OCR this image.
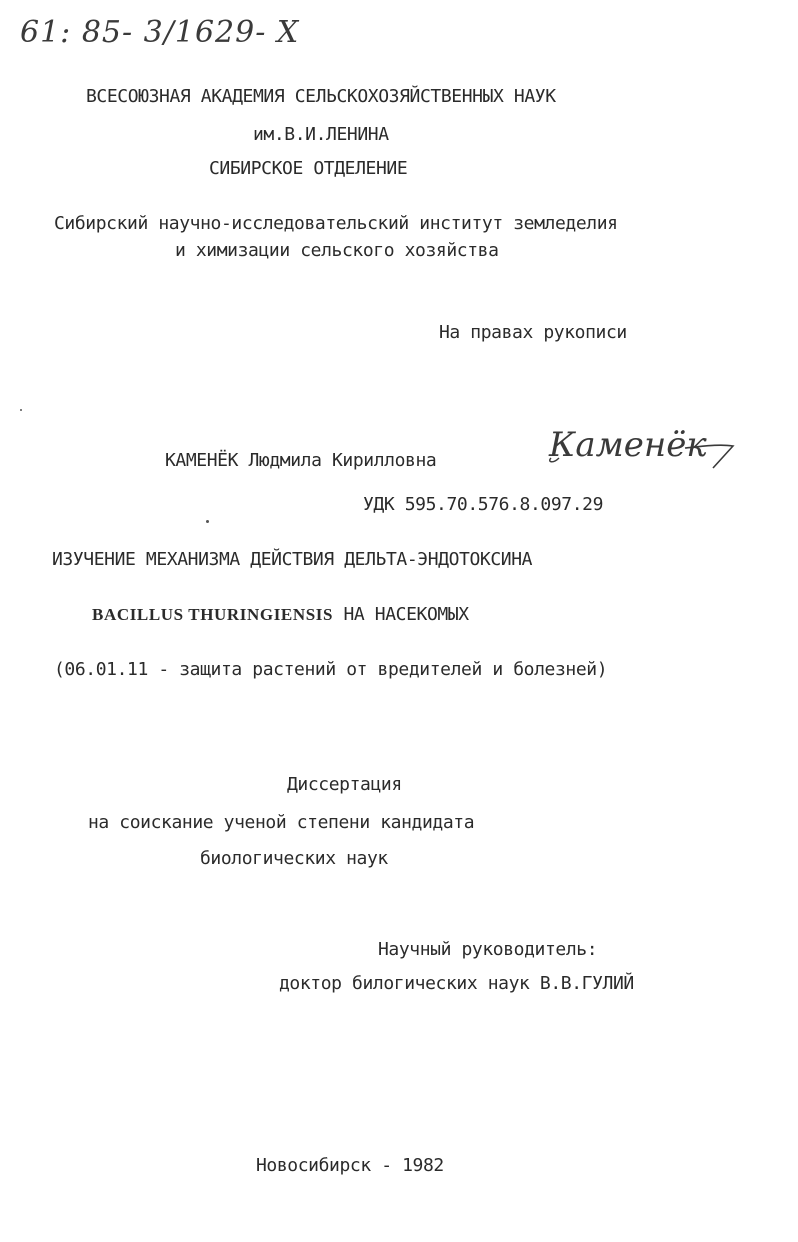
61: 85- 3/1629- X
ВСЕСОЮЗНАЯ АКАДЕМИЯ СЕЛЬСКОХОЗЯЙСТВЕННЫХ НАУК
им.В.И.ЛЕНИНА
СИБИРСКОЕ ОТДЕЛЕНИЕ
Сибирский научно-исследовательский институт земледелия
и химизации сельского хозяйства
На правах рукописи
КАМЕНЁК Людмила Кирилловна	Каменёк
УДК 595.70.576.8.097.29
ИЗУЧЕНИЕ МЕХАНИЗМА ДЕЙСТВИЯ ДЕЛЬТА-ЭНДОТОКСИНА
BACILLUS THURINGIENSIS НА НАСЕКОМЫХ
(06.01.11 - защита растений от вредителей и болезней)
Диссертация
на соискание ученой степени кандидата
биологических наук
Научный руководитель:
доктор билогических наук В.В.ГУЛИЙ
Новосибирск - 1982
